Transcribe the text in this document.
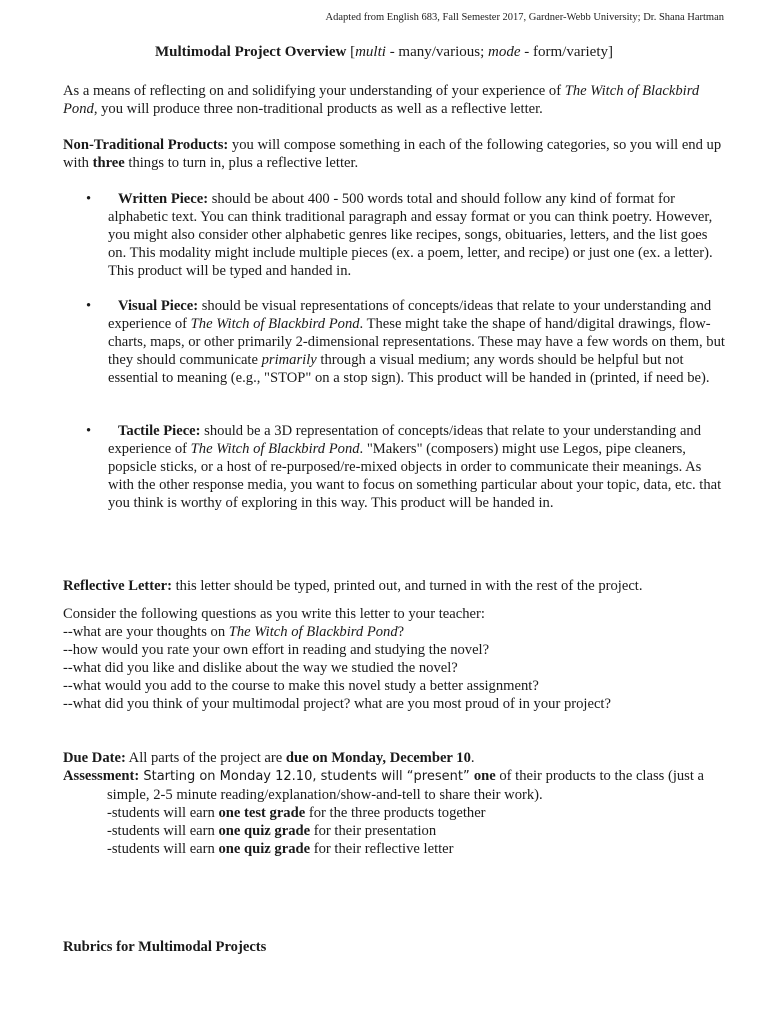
Adapted from English 683, Fall Semester 2017, Gardner-Webb University; Dr. Shana Hartman
Multimodal Project Overview [multi - many/various; mode - form/variety]
As a means of reflecting on and solidifying your understanding of your experience of The Witch of Blackbird Pond, you will produce three non-traditional products as well as a reflective letter.
Non-Traditional Products: you will compose something in each of the following categories, so you will end up with three things to turn in, plus a reflective letter.
•	Written Piece: should be about 400 - 500 words total and should follow any kind of format for alphabetic text. You can think traditional paragraph and essay format or you can think poetry. However, you might also consider other alphabetic genres like recipes, songs, obituaries, letters, and the list goes on. This modality might include multiple pieces (ex. a poem, letter, and recipe) or just one (ex. a letter). This product will be typed and handed in.
•	Visual Piece: should be visual representations of concepts/ideas that relate to your understanding and experience of The Witch of Blackbird Pond. These might take the shape of hand/digital drawings, flow-charts, maps, or other primarily 2-dimensional representations. These may have a few words on them, but they should communicate primarily through a visual medium; any words should be helpful but not essential to meaning (e.g., "STOP" on a stop sign). This product will be handed in (printed, if need be).
•	Tactile Piece: should be a 3D representation of concepts/ideas that relate to your understanding and experience of The Witch of Blackbird Pond. "Makers" (composers) might use Legos, pipe cleaners, popsicle sticks, or a host of re-purposed/re-mixed objects in order to communicate their meanings. As with the other response media, you want to focus on something particular about your topic, data, etc. that you think is worthy of exploring in this way. This product will be handed in.
Reflective Letter: this letter should be typed, printed out, and turned in with the rest of the project.
Consider the following questions as you write this letter to your teacher:
--what are your thoughts on The Witch of Blackbird Pond?
--how would you rate your own effort in reading and studying the novel?
--what did you like and dislike about the way we studied the novel?
--what would you add to the course to make this novel study a better assignment?
--what did you think of your multimodal project? what are you most proud of in your project?
Due Date: All parts of the project are due on Monday, December 10.
Assessment: Starting on Monday 12.10, students will “present” one of their products to the class (just a
simple, 2-5 minute reading/explanation/show-and-tell to share their work).
-students will earn one test grade for the three products together
-students will earn one quiz grade for their presentation
-students will earn one quiz grade for their reflective letter
Rubrics for Multimodal Projects
